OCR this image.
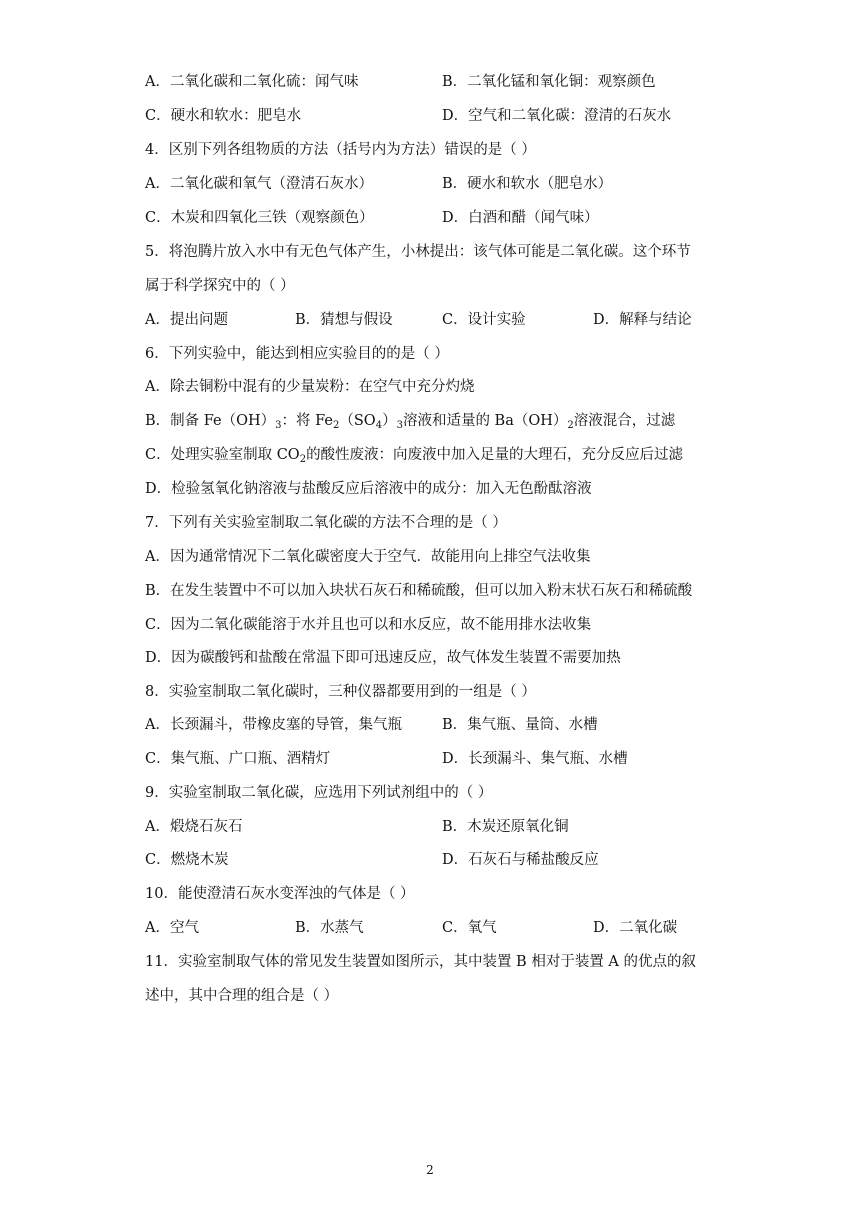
A．二氧化碳和二氧化硫：闻气味	B．二氧化锰和氧化铜：观察颜色
C．硬水和软水：肥皂水	D．空气和二氧化碳：澄清的石灰水
4．区别下列各组物质的方法（括号内为方法）错误的是（ ）
A．二氧化碳和氧气（澄清石灰水）	B．硬水和软水（肥皂水）
C．木炭和四氧化三铁（观察颜色）	D．白酒和醋（闻气味）
5．将泡腾片放入水中有无色气体产生，小林提出：该气体可能是二氧化碳。这个环节
属于科学探究中的（ ）
A．提出问题	B．猜想与假设	C．设计实验	D．解释与结论
6．下列实验中，能达到相应实验目的的是（ ）
A．除去铜粉中混有的少量炭粉：在空气中充分灼烧
B．制备 $Fe(OH)_3$：将 $Fe_2(SO_4)_3$溶液和适量的 $Ba(OH)_2$溶液混合，过滤
C．处理实验室制取 $CO_2$的酸性废液：向废液中加入足量的大理石，充分反应后过滤
D．检验氢氧化钠溶液与盐酸反应后溶液中的成分：加入无色酚酞溶液
7．下列有关实验室制取二氧化碳的方法不合理的是（ ）
A．因为通常情况下二氧化碳密度大于空气．故能用向上排空气法收集
B．在发生装置中不可以加入块状石灰石和稀硫酸，但可以加入粉末状石灰石和稀硫酸
C．因为二氧化碳能溶于水并且也可以和水反应，故不能用排水法收集
D．因为碳酸钙和盐酸在常温下即可迅速反应，故气体发生装置不需要加热
8．实验室制取二氧化碳时，三种仪器都要用到的一组是（ ）
A．长颈漏斗，带橡皮塞的导管，集气瓶	B．集气瓶、量筒、水槽
C．集气瓶、广口瓶、酒精灯	D．长颈漏斗、集气瓶、水槽
9．实验室制取二氧化碳，应选用下列试剂组中的（ ）
A．煅烧石灰石	B．木炭还原氧化铜
C．燃烧木炭	D．石灰石与稀盐酸反应
10．能使澄清石灰水变浑浊的气体是（ ）
A．空气	B．水蒸气	C．氧气	D．二氧化碳
11．实验室制取气体的常见发生装置如图所示，其中装置 B 相对于装置 A 的优点的叙
述中，其中合理的组合是（ ）
2
